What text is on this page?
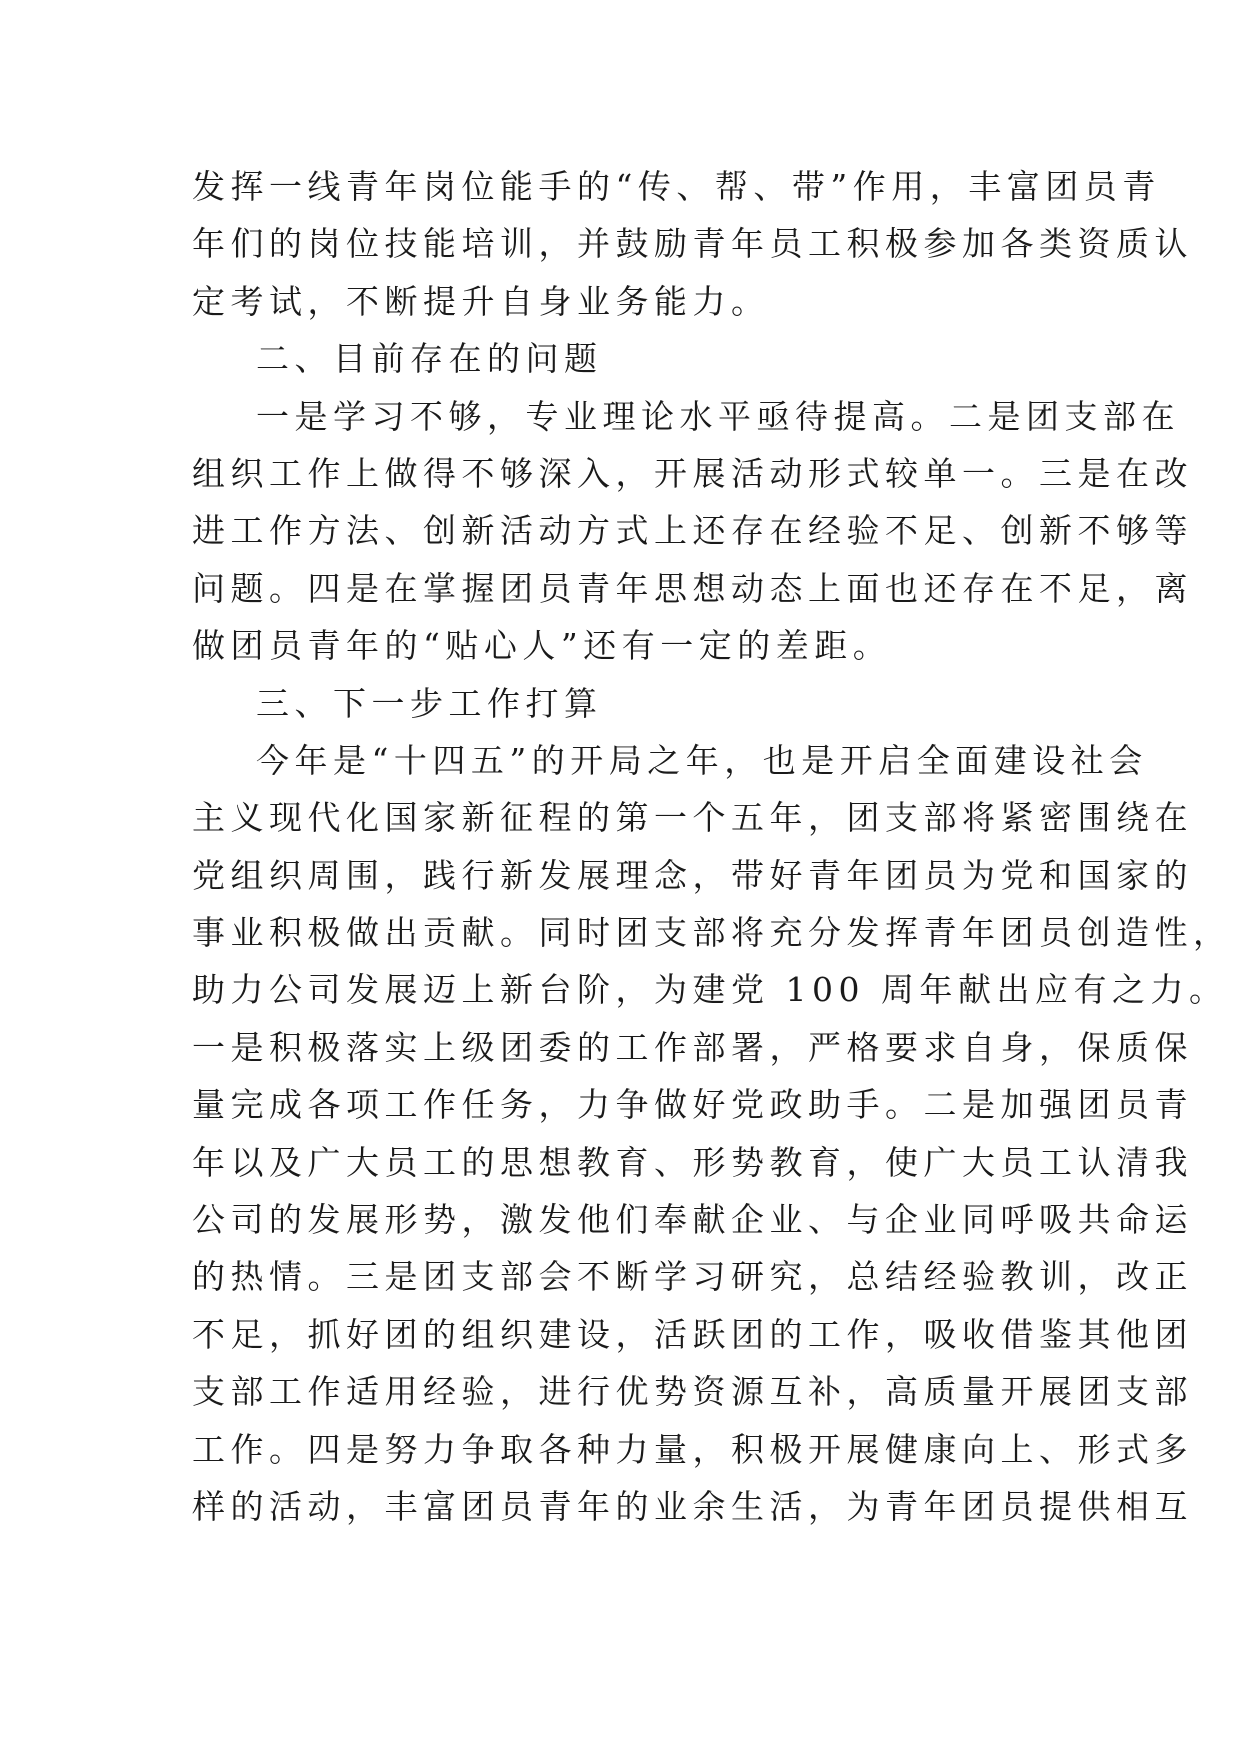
发挥一线青年岗位能手的“传、帮、带”作用，丰富团员青
年们的岗位技能培训，并鼓励青年员工积极参加各类资质认
定考试，不断提升自身业务能力。
二、目前存在的问题
一是学习不够，专业理论水平亟待提高。二是团支部在
组织工作上做得不够深入，开展活动形式较单一。三是在改
进工作方法、创新活动方式上还存在经验不足、创新不够等
问题。四是在掌握团员青年思想动态上面也还存在不足，离
做团员青年的“贴心人”还有一定的差距。
三、下一步工作打算
今年是“十四五”的开局之年，也是开启全面建设社会
主义现代化国家新征程的第一个五年，团支部将紧密围绕在
党组织周围，践行新发展理念，带好青年团员为党和国家的
事业积极做出贡献。同时团支部将充分发挥青年团员创造性，
助力公司发展迈上新台阶，为建党 100 周年献出应有之力。
一是积极落实上级团委的工作部署，严格要求自身，保质保
量完成各项工作任务，力争做好党政助手。二是加强团员青
年以及广大员工的思想教育、形势教育，使广大员工认清我
公司的发展形势，激发他们奉献企业、与企业同呼吸共命运
的热情。三是团支部会不断学习研究，总结经验教训，改正
不足，抓好团的组织建设，活跃团的工作，吸收借鉴其他团
支部工作适用经验，进行优势资源互补，高质量开展团支部
工作。四是努力争取各种力量，积极开展健康向上、形式多
样的活动，丰富团员青年的业余生活，为青年团员提供相互
